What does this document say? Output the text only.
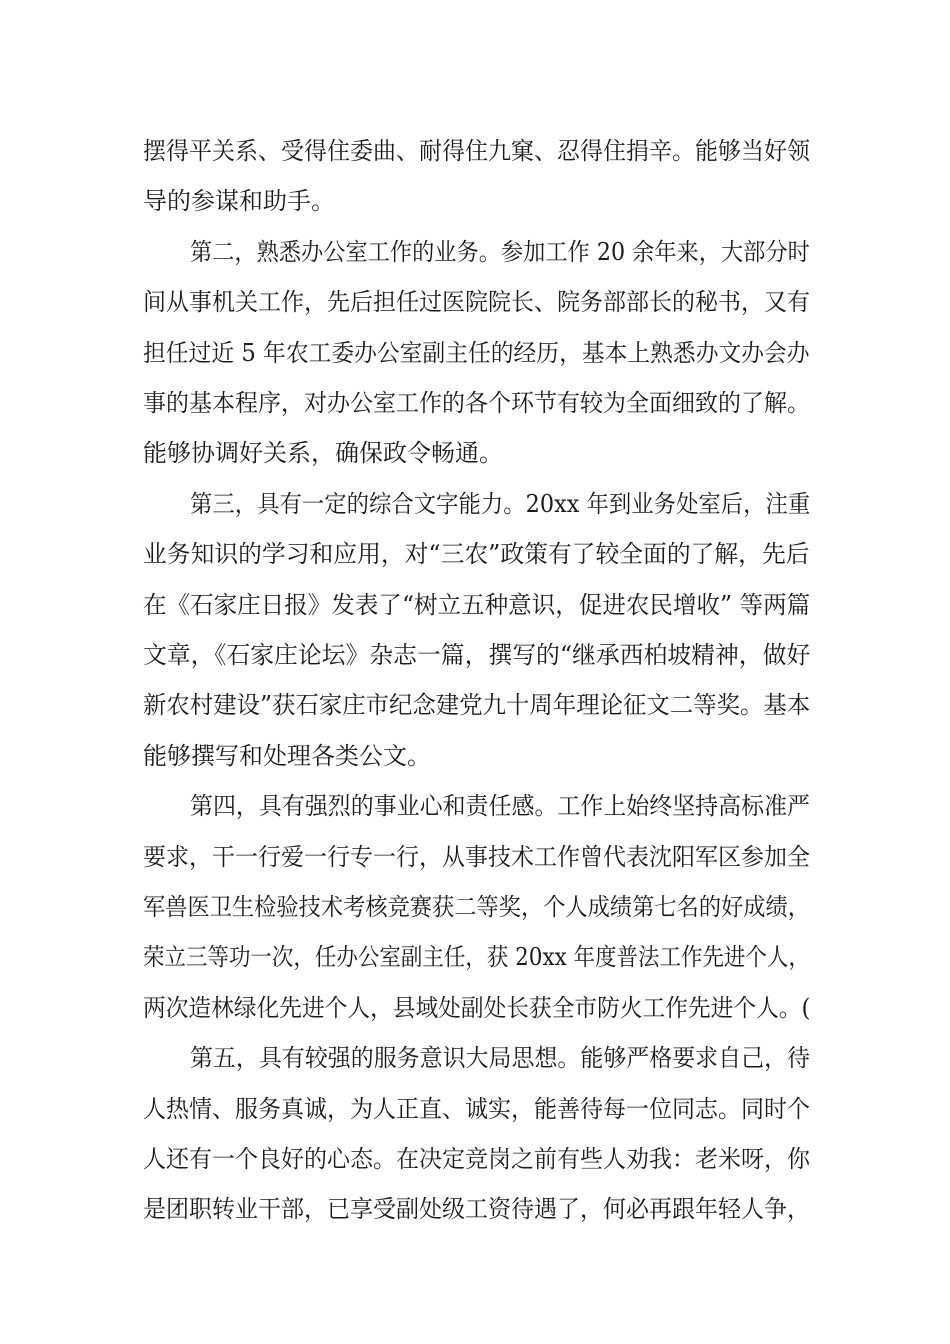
摆得平关系、受得住委曲、耐得住九窠、忍得住捐辛。能够当好领
导的参谋和助手。
第二，熟悉办公室工作的业务。参加工作 20 余年来，大部分时
间从事机关工作，先后担任过医院院长、院务部部长的秘书，又有
担任过近 5 年农工委办公室副主任的经历，基本上熟悉办文办会办
事的基本程序，对办公室工作的各个环节有较为全面细致的了解。
能够协调好关系，确保政令畅通。
第三，具有一定的综合文字能力。20xx 年到业务处室后，注重
业务知识的学习和应用，对“三农”政策有了较全面的了解，先后
在《石家庄日报》发表了“树立五种意识，促进农民增收” 等两篇
文章，《石家庄论坛》杂志一篇，撰写的“继承西柏坡精神，做好
新农村建设”获石家庄市纪念建党九十周年理论征文二等奖。基本
能够撰写和处理各类公文。
第四，具有强烈的事业心和责任感。工作上始终坚持高标准严
要求，干一行爱一行专一行，从事技术工作曾代表沈阳军区参加全
军兽医卫生检验技术考核竞赛获二等奖，个人成绩第七名的好成绩，
荣立三等功一次，任办公室副主任，获 20xx 年度普法工作先进个人，
两次造林绿化先进个人，县域处副处长获全市防火工作先进个人。(
第五，具有较强的服务意识大局思想。能够严格要求自己，待
人热情、服务真诚，为人正直、诚实，能善待每一位同志。同时个
人还有一个良好的心态。在决定竞岗之前有些人劝我：老米呀，你
是团职转业干部，已享受副处级工资待遇了，何必再跟年轻人争，
